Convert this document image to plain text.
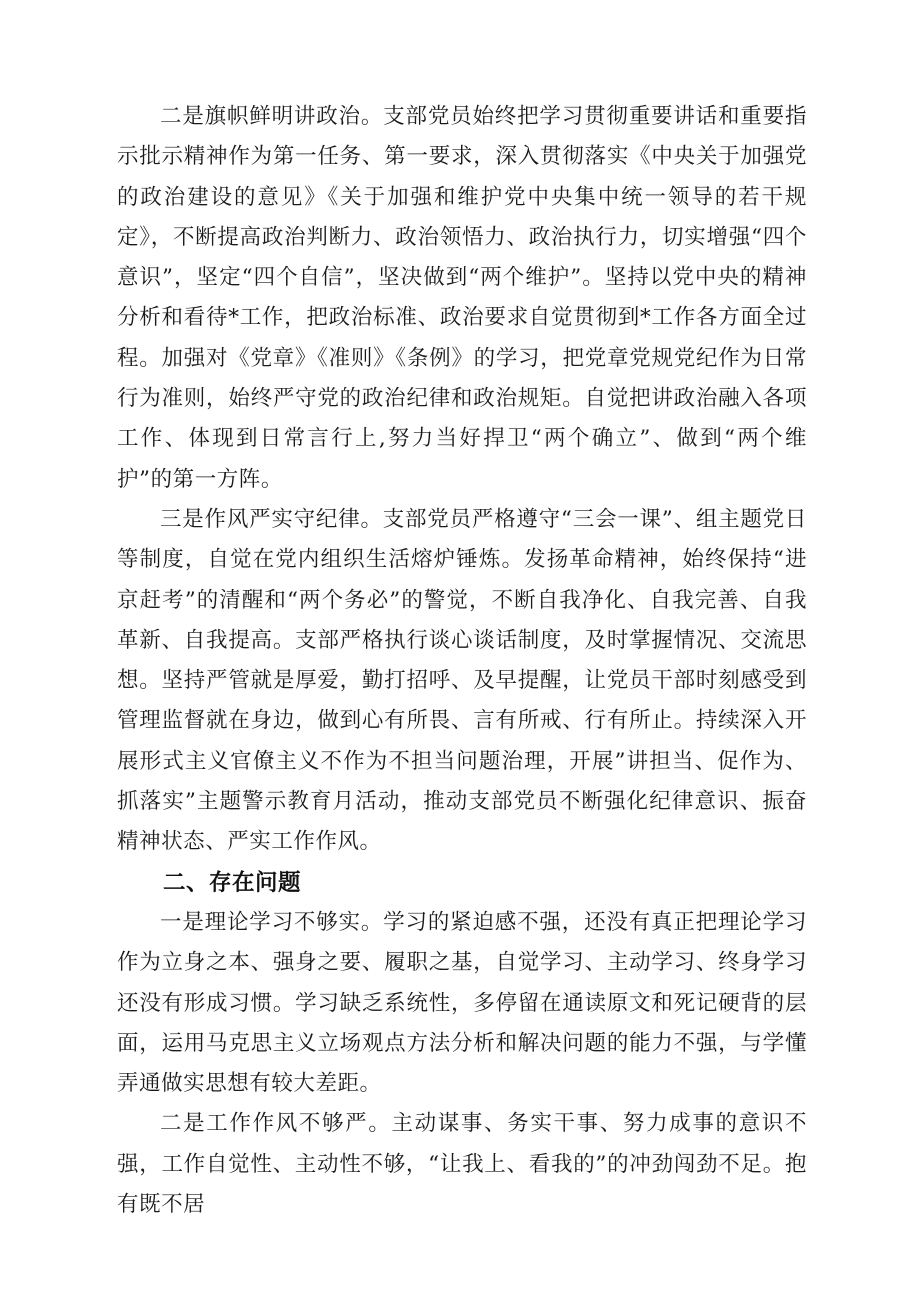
二是旗帜鲜明讲政治。支部党员始终把学习贯彻重要讲话和重要指示批示精神作为第一任务、第一要求，深入贯彻落实《中央关于加强党的政治建设的意见》《关于加强和维护党中央集中统一领导的若干规定》，不断提高政治判断力、政治领悟力、政治执行力，切实增强“四个意识”，坚定“四个自信”，坚决做到“两个维护”。坚持以党中央的精神分析和看待*工作，把政治标准、政治要求自觉贯彻到*工作各方面全过程。加强对《党章》《准则》《条例》的学习，把党章党规党纪作为日常行为准则，始终严守党的政治纪律和政治规矩。自觉把讲政治融入各项工作、体现到日常言行上,努力当好捍卫“两个确立”、做到“两个维护”的第一方阵。

三是作风严实守纪律。支部党员严格遵守“三会一课”、组主题党日等制度，自觉在党内组织生活熔炉锤炼。发扬革命精神，始终保持“进京赶考”的清醒和“两个务必”的警觉，不断自我净化、自我完善、自我革新、自我提高。支部严格执行谈心谈话制度，及时掌握情况、交流思想。坚持严管就是厚爱，勤打招呼、及早提醒，让党员干部时刻感受到管理监督就在身边，做到心有所畏、言有所戒、行有所止。持续深入开展形式主义官僚主义不作为不担当问题治理，开展”讲担当、促作为、抓落实”主题警示教育月活动，推动支部党员不断强化纪律意识、振奋精神状态、严实工作作风。

二、存在问题

一是理论学习不够实。学习的紧迫感不强，还没有真正把理论学习作为立身之本、强身之要、履职之基，自觉学习、主动学习、终身学习还没有形成习惯。学习缺乏系统性，多停留在通读原文和死记硬背的层面，运用马克思主义立场观点方法分析和解决问题的能力不强，与学懂弄通做实思想有较大差距。

二是工作作风不够严。主动谋事、务实干事、努力成事的意识不强，工作自觉性、主动性不够，“让我上、看我的”的冲劲闯劲不足。抱有既不居
